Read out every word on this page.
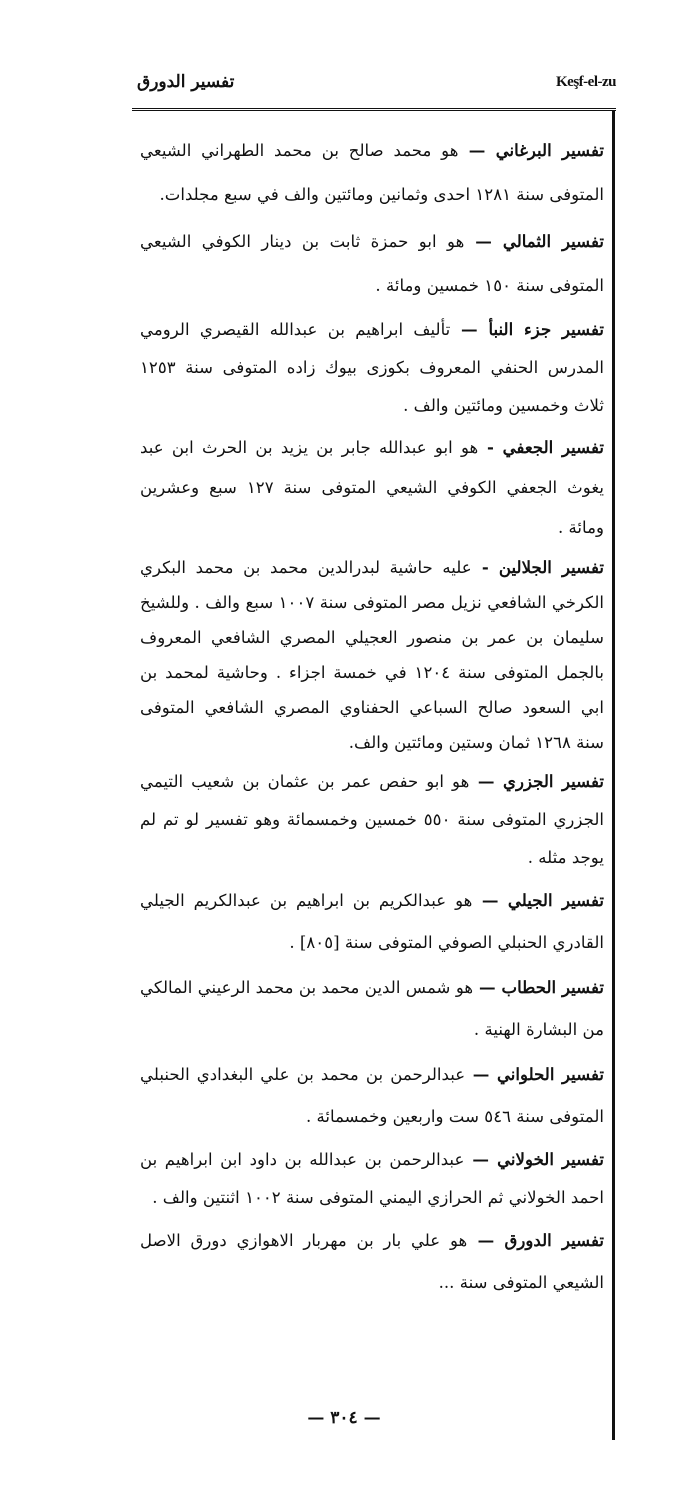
تفسير الدورق	Keşf-el-zu

تفسير البرغاني — هو محمد صالح بن محمد الطهراني الشيعي المتوفى سنة ١٢٨١ احدى وثمانين ومائتين والف في سبع مجلدات.

تفسير الثمالي — هو ابو حمزة ثابت بن دينار الكوفي الشيعي المتوفى سنة ١٥٠ خمسين ومائة .

تفسير جزء النبأ — تأليف ابراهيم بن عبدالله القيصري الرومي المدرس الحنفي المعروف بكوزى بيوك زاده المتوفى سنة ١٢٥٣ ثلاث وخمسين ومائتين والف .

تفسير الجعفي - هو ابو عبدالله جابر بن يزيد بن الحرث ابن عبد يغوث الجعفي الكوفي الشيعي المتوفى سنة ١٢٧ سبع وعشرين ومائة .

تفسير الجلالين - عليه حاشية لبدرالدين محمد بن محمد البكري الكرخي الشافعي نزيل مصر المتوفى سنة ١٠٠٧ سبع والف . وللشيخ سليمان بن عمر بن منصور العجيلي المصري الشافعي المعروف بالجمل المتوفى سنة ١٢٠٤ في خمسة اجزاء . وحاشية لمحمد بن ابي السعود صالح السباعي الحفناوي المصري الشافعي المتوفى سنة ١٢٦٨ ثمان وستين ومائتين والف.

تفسير الجزري — هو ابو حفص عمر بن عثمان بن شعيب التيمي الجزري المتوفى سنة ٥٥٠ خمسين وخمسمائة وهو تفسير لو تم لم يوجد مثله .

تفسير الجيلي — هو عبدالكريم بن ابراهيم بن عبدالكريم الجيلي القادري الحنبلي الصوفي المتوفى سنة [٨٠٥] .

تفسير الحطاب — هو شمس الدين محمد بن محمد الرعيني المالكي من البشارة الهنية .

تفسير الحلواني — عبدالرحمن بن محمد بن علي البغدادي الحنبلي المتوفى سنة ٥٤٦ ست واربعين وخمسمائة .

تفسير الخولاني — عبدالرحمن بن عبدالله بن داود ابن ابراهيم بن احمد الخولاني ثم الحرازي اليمني المتوفى سنة ١٠٠٢ اثنتين والف .

تفسير الدورق — هو علي بار بن مهربار الاهوازي دورق الاصل الشيعي المتوفى سنة ...

— ٣٠٤ —
